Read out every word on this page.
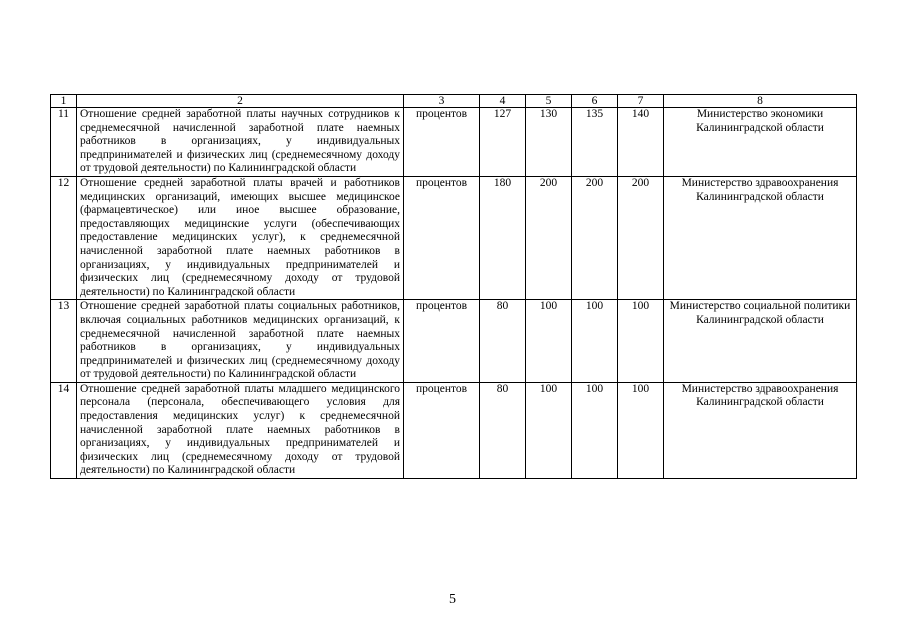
1	2	3	4	5	6	7	8
11	Отношение средней заработной платы научных сотрудников к среднемесячной начисленной заработной плате наемных работников в организациях, у индивидуальных предпринимателей и физических лиц (среднемесячному доходу от трудовой деятельности) по Калининградской области	процентов	127	130	135	140	Министерство экономики Калининградской области
12	Отношение средней заработной платы врачей и работников медицинских организаций, имеющих высшее медицинское (фармацевтическое) или иное высшее образование, предоставляющих медицинские услуги (обеспечивающих предоставление медицинских услуг), к среднемесячной начисленной заработной плате наемных работников в организациях, у индивидуальных предпринимателей и физических лиц (среднемесячному доходу от трудовой деятельности) по Калининградской области	процентов	180	200	200	200	Министерство здравоохранения Калининградской области
13	Отношение средней заработной платы социальных работников, включая социальных работников медицинских организаций, к среднемесячной начисленной заработной плате наемных работников в организациях, у индивидуальных предпринимателей и физических лиц (среднемесячному доходу от трудовой деятельности) по Калининградской области	процентов	80	100	100	100	Министерство социальной политики Калининградской области
14	Отношение средней заработной платы младшего медицинского персонала (персонала, обеспечивающего условия для предоставления медицинских услуг) к среднемесячной начисленной заработной плате наемных работников в организациях, у индивидуальных предпринимателей и физических лиц (среднемесячному доходу от трудовой деятельности) по Калининградской области	процентов	80	100	100	100	Министерство здравоохранения Калининградской области
5
